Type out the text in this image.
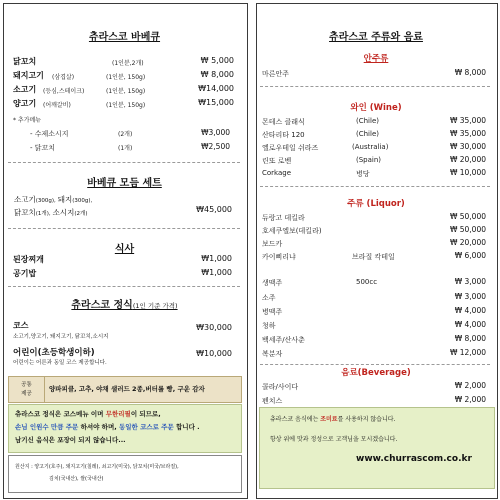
츄라스코 바베큐
닭꼬치	(1인분,2개)	₩ 5,000
돼지고기 (삼겹살)	(1인분, 150g)	₩ 8,000
소고기 (등심,스테이크)	(1인분, 150g)	₩14,000
양고기 (어깨갈비)	(1인분, 150g)	₩15,000
* 추가메뉴
- 수제소시지	(2개)	₩3,000
- 닭꼬치	(1개)	₩2,500
바베큐 모듬 세트
소고기(300g), 돼지(300g),
닭꼬치(1개), 소시지(2개)	₩45,000
식사
된장찌개	₩1,000
공기밥	₩1,000
츄라스코 정식(1인 기준 가격)
코스
소고기,양고기, 돼지고기, 닭꼬치,소시지
₩30,000
어린이(초등학생이하)
어린이는 어른과 동일 코스 제공합니다.
₩10,000
공통
제공
양파피클, 고추, 야채 샐러드 2종,버터롤 빵, 구운 감자
츄라스코 정식은 코스메뉴 이며 무한리필이 되므로,
손님 인원수 만큼 주문 하셔야 하며, 동일한 코스로 주문 합니다 .
남기신 음식은 포장이 되지 않습니다...
원산지 : 양고기(호주), 돼지고기(칠레), 쇠고기(미국), 닭꼬치(미국/브라질),
김치(국내산), 쌀(국내산)
츄라스코 주류와 음료
안주류
마른안주	₩ 8,000
와인 (Wine)
몬테스 클래식	(Chile)	₩ 35,000
산타리타 120	(Chile)	₩ 35,000
옐로우테일 쉬라즈	(Australia)	₩ 30,000
린또 로벤	(Spain)	₩ 20,000
Corkage	병당	₩ 10,000
주류 (Liquor)
듀랑고 데킬라	₩ 50,000
호세쿠엘보(데킬라)	₩ 50,000
보드카	₩ 20,000
카이삐리냐	브라질 칵테일	₩ 6,000
생맥주	500cc	₩ 3,000
소주	₩ 3,000
병맥주	₩ 4,000
청하	₩ 4,000
백세주/산사춘	₩ 8,000
복분자	₩ 12,000
음료(Beverage)
콜라/사이다	₩ 2,000
펜치스	₩ 2,000
츄라스코 음식에는 조미료를 사용하지 않습니다.
항상 위에 맛과 정성으로 고객님을 모시겠습니다.
www.churrascom.co.kr
